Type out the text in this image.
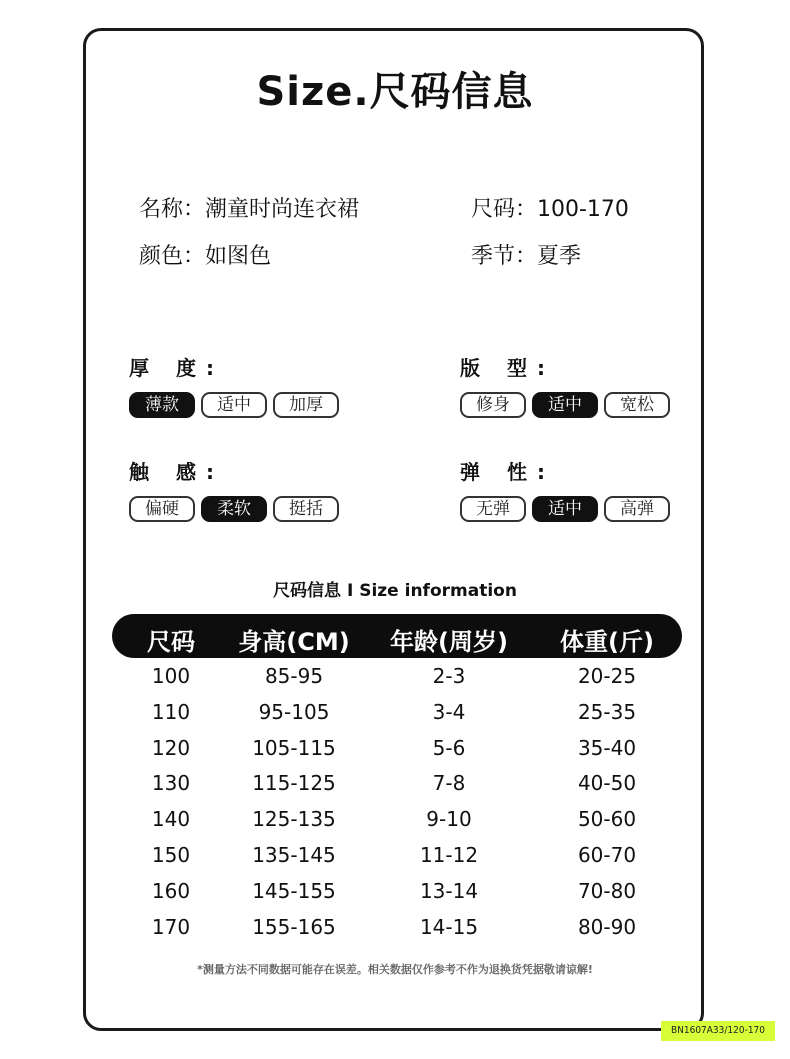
Size.尺码信息
名称：潮童时尚连衣裙	尺码：100-170
颜色：如图色	季节：夏季
厚 度:
薄款	适中	加厚
版 型:
修身	适中	宽松
触 感:
偏硬	柔软	挺括
弹 性:
无弹	适中	高弹
尺码信息 I Size information
尺码 身高(CM) 年龄(周岁) 体重(斤)
100	85-95	2-3	20-25
110	95-105	3-4	25-35
120	105-115	5-6	35-40
130	115-125	7-8	40-50
140	125-135	9-10	50-60
150	135-145	11-12	60-70
160	145-155	13-14	70-80
170	155-165	14-15	80-90
*测量方法不同数据可能存在误差。相关数据仅作参考不作为退换货凭据敬请谅解!
BN1607A33/120-170
